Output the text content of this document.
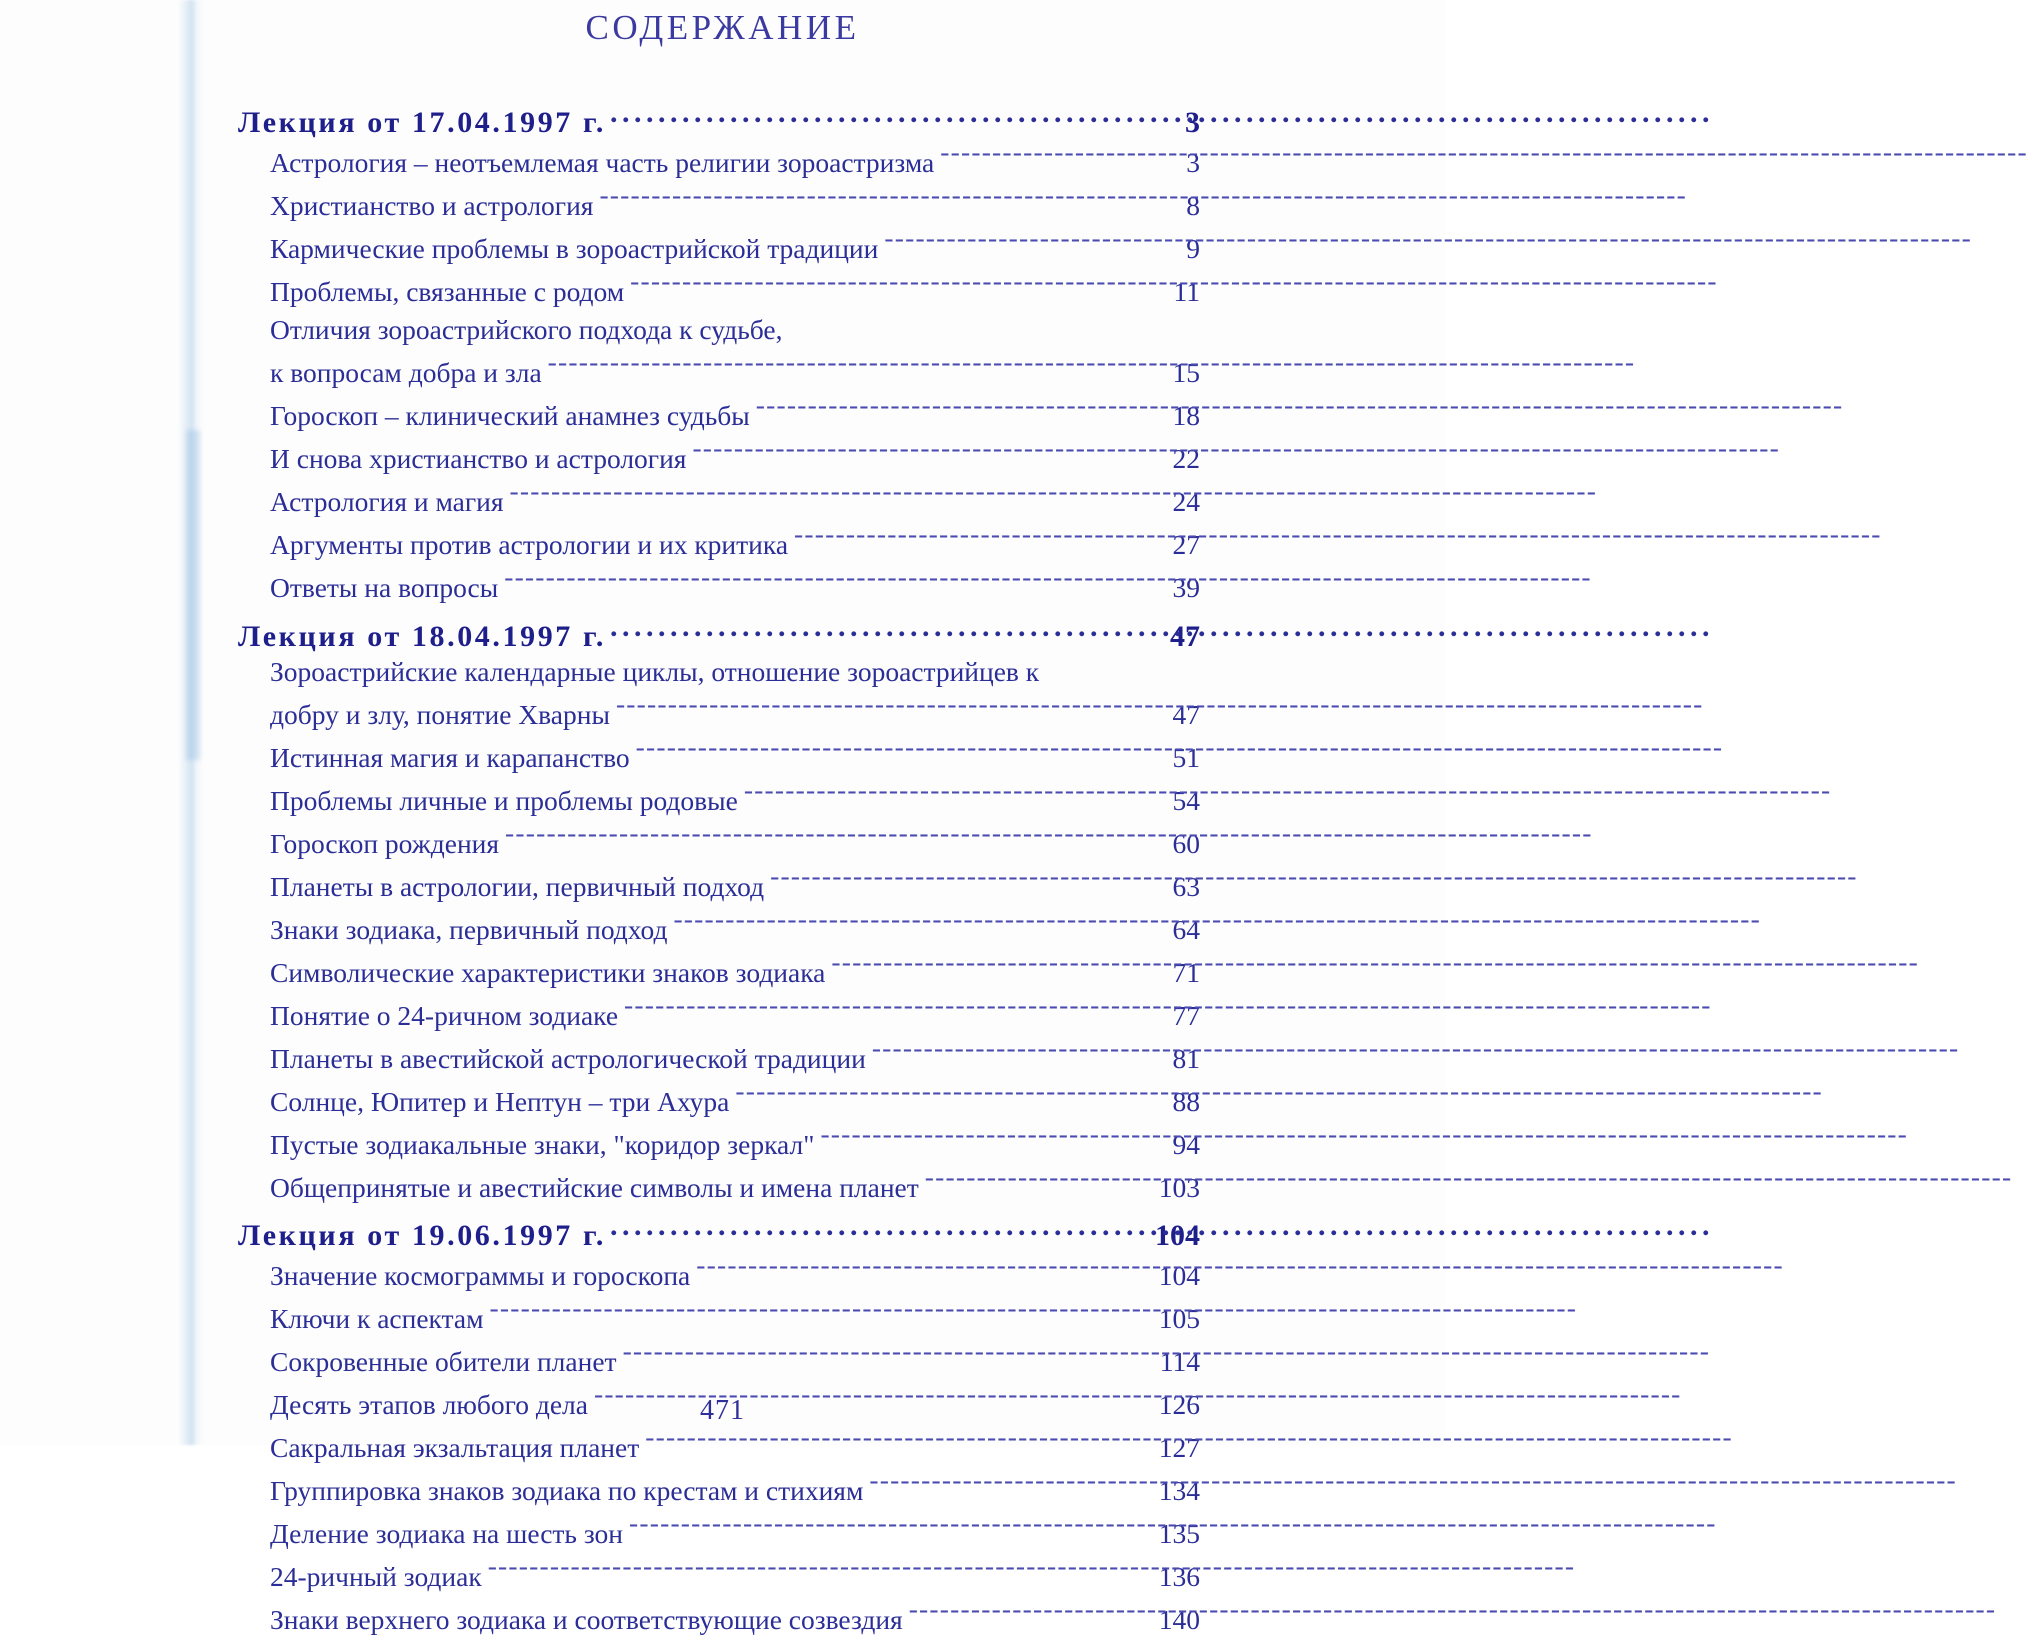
СОДЕРЖАНИЕ
Лекция от 17.04.1997 г. .....	3
Астрология – неотъемлемая часть религии зороастризма -----	3
Христианство и астрология -----	8
Кармические проблемы в зороастрийской традиции -----	9
Проблемы, связанные с родом -----	11
Отличия зороастрийского подхода к судьбе,
к вопросам добра и зла -----	15
Гороскоп – клинический анамнез судьбы -----	18
И снова христианство и астрология -----	22
Астрология и магия -----	24
Аргументы против астрологии и их критика -----	27
Ответы на вопросы -----	39
Лекция от 18.04.1997 г. .....	47
Зороастрийские календарные циклы, отношение зороастрийцев к
добру и злу, понятие Хварны -----	47
Истинная магия и карапанство -----	51
Проблемы личные и проблемы родовые -----	54
Гороскоп рождения -----	60
Планеты в астрологии, первичный подход -----	63
Знаки зодиака, первичный подход -----	64
Символические характеристики знаков зодиака -----	71
Понятие о 24-ричном зодиаке -----	77
Планеты в авестийской астрологической традиции -----	81
Солнце, Юпитер и Нептун – три Ахура -----	88
Пустые зодиакальные знаки, "коридор зеркал" -----	94
Общепринятые и авестийские символы и имена планет -----	103
Лекция от 19.06.1997 г. .....	104
Значение космограммы и гороскопа -----	104
Ключи к аспектам -----	105
Сокровенные обители планет -----	114
Десять этапов любого дела -----	126
Сакральная экзальтация планет -----	127
Группировка знаков зодиака по крестам и стихиям -----	134
Деление зодиака на шесть зон -----	135
24-ричный зодиак -----	136
Знаки верхнего зодиака и соответствующие созвездия -----	140
471
